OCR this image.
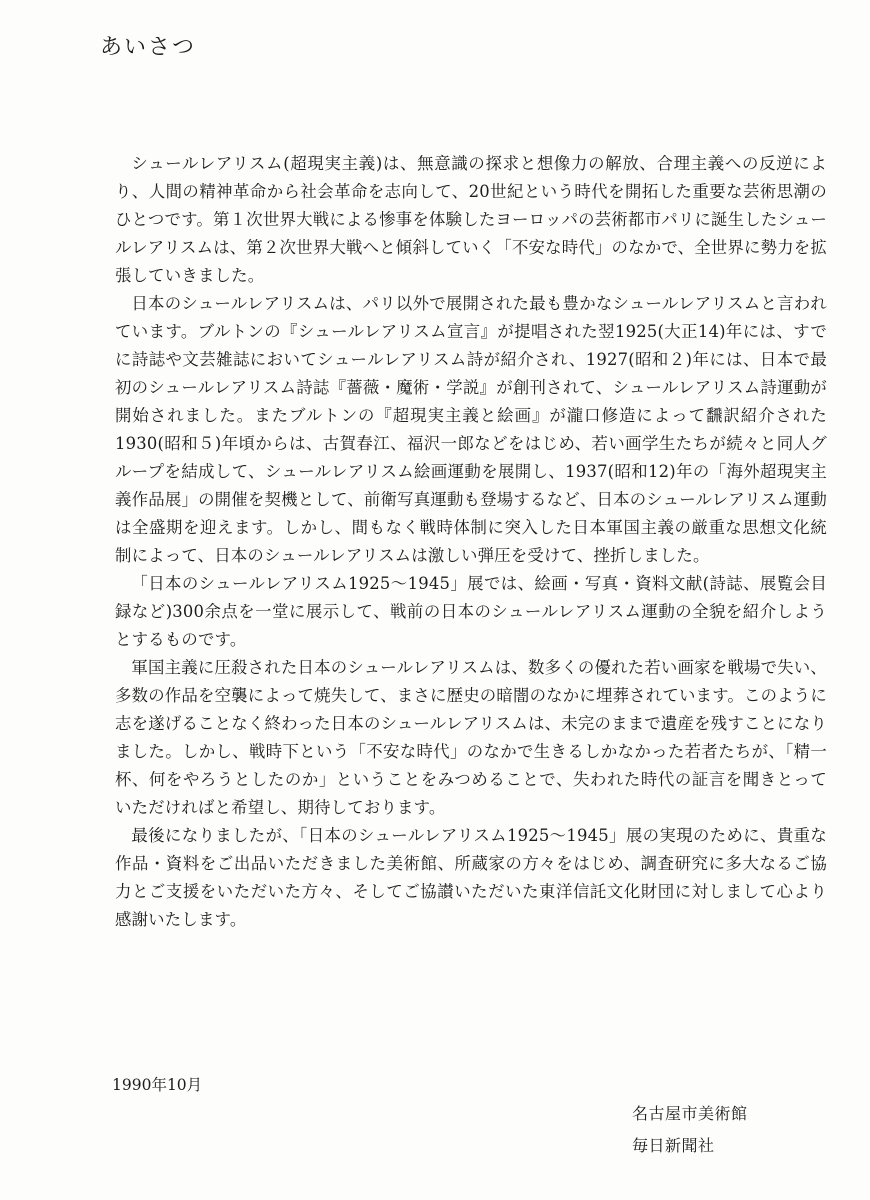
あいさつ

シュールレアリスム(超現実主義)は、無意識の探求と想像力の解放、合理主義への反逆により、人間の精神革命から社会革命を志向して、20世紀という時代を開拓した重要な芸術思潮のひとつです。第１次世界大戦による惨事を体験したヨーロッパの芸術都市パリに誕生したシュールレアリスムは、第２次世界大戦へと傾斜していく「不安な時代」のなかで、全世界に勢力を拡張していきました。

日本のシュールレアリスムは、パリ以外で展開された最も豊かなシュールレアリスムと言われています。ブルトンの『シュールレアリスム宣言』が提唱された翌1925(大正14)年には、すでに詩誌や文芸雑誌においてシュールレアリスム詩が紹介され、1927(昭和２)年には、日本で最初のシュールレアリスム詩誌『薔薇・魔術・学説』が創刊されて、シュールレアリスム詩運動が開始されました。またブルトンの『超現実主義と絵画』が瀧口修造によって飜訳紹介された1930(昭和５)年頃からは、古賀春江、福沢一郎などをはじめ、若い画学生たちが続々と同人グループを結成して、シュールレアリスム絵画運動を展開し、1937(昭和12)年の「海外超現実主義作品展」の開催を契機として、前衛写真運動も登場するなど、日本のシュールレアリスム運動は全盛期を迎えます。しかし、間もなく戦時体制に突入した日本軍国主義の厳重な思想文化統制によって、日本のシュールレアリスムは激しい弾圧を受けて、挫折しました。

「日本のシュールレアリスム1925～1945」展では、絵画・写真・資料文献(詩誌、展覧会目録など)300余点を一堂に展示して、戦前の日本のシュールレアリスム運動の全貌を紹介しようとするものです。

軍国主義に圧殺された日本のシュールレアリスムは、数多くの優れた若い画家を戦場で失い、多数の作品を空襲によって焼失して、まさに歴史の暗闇のなかに埋葬されています。このように志を遂げることなく終わった日本のシュールレアリスムは、未完のままで遺産を残すことになりました。しかし、戦時下という「不安な時代」のなかで生きるしかなかった若者たちが、「精一杯、何をやろうとしたのか」ということをみつめることで、失われた時代の証言を聞きとっていただければと希望し、期待しております。

最後になりましたが、「日本のシュールレアリスム1925～1945」展の実現のために、貴重な作品・資料をご出品いただきました美術館、所蔵家の方々をはじめ、調査研究に多大なるご協力とご支援をいただいた方々、そしてご協讃いただいた東洋信託文化財団に対しまして心より感謝いたします。

1990年10月
名古屋市美術館
毎日新聞社
